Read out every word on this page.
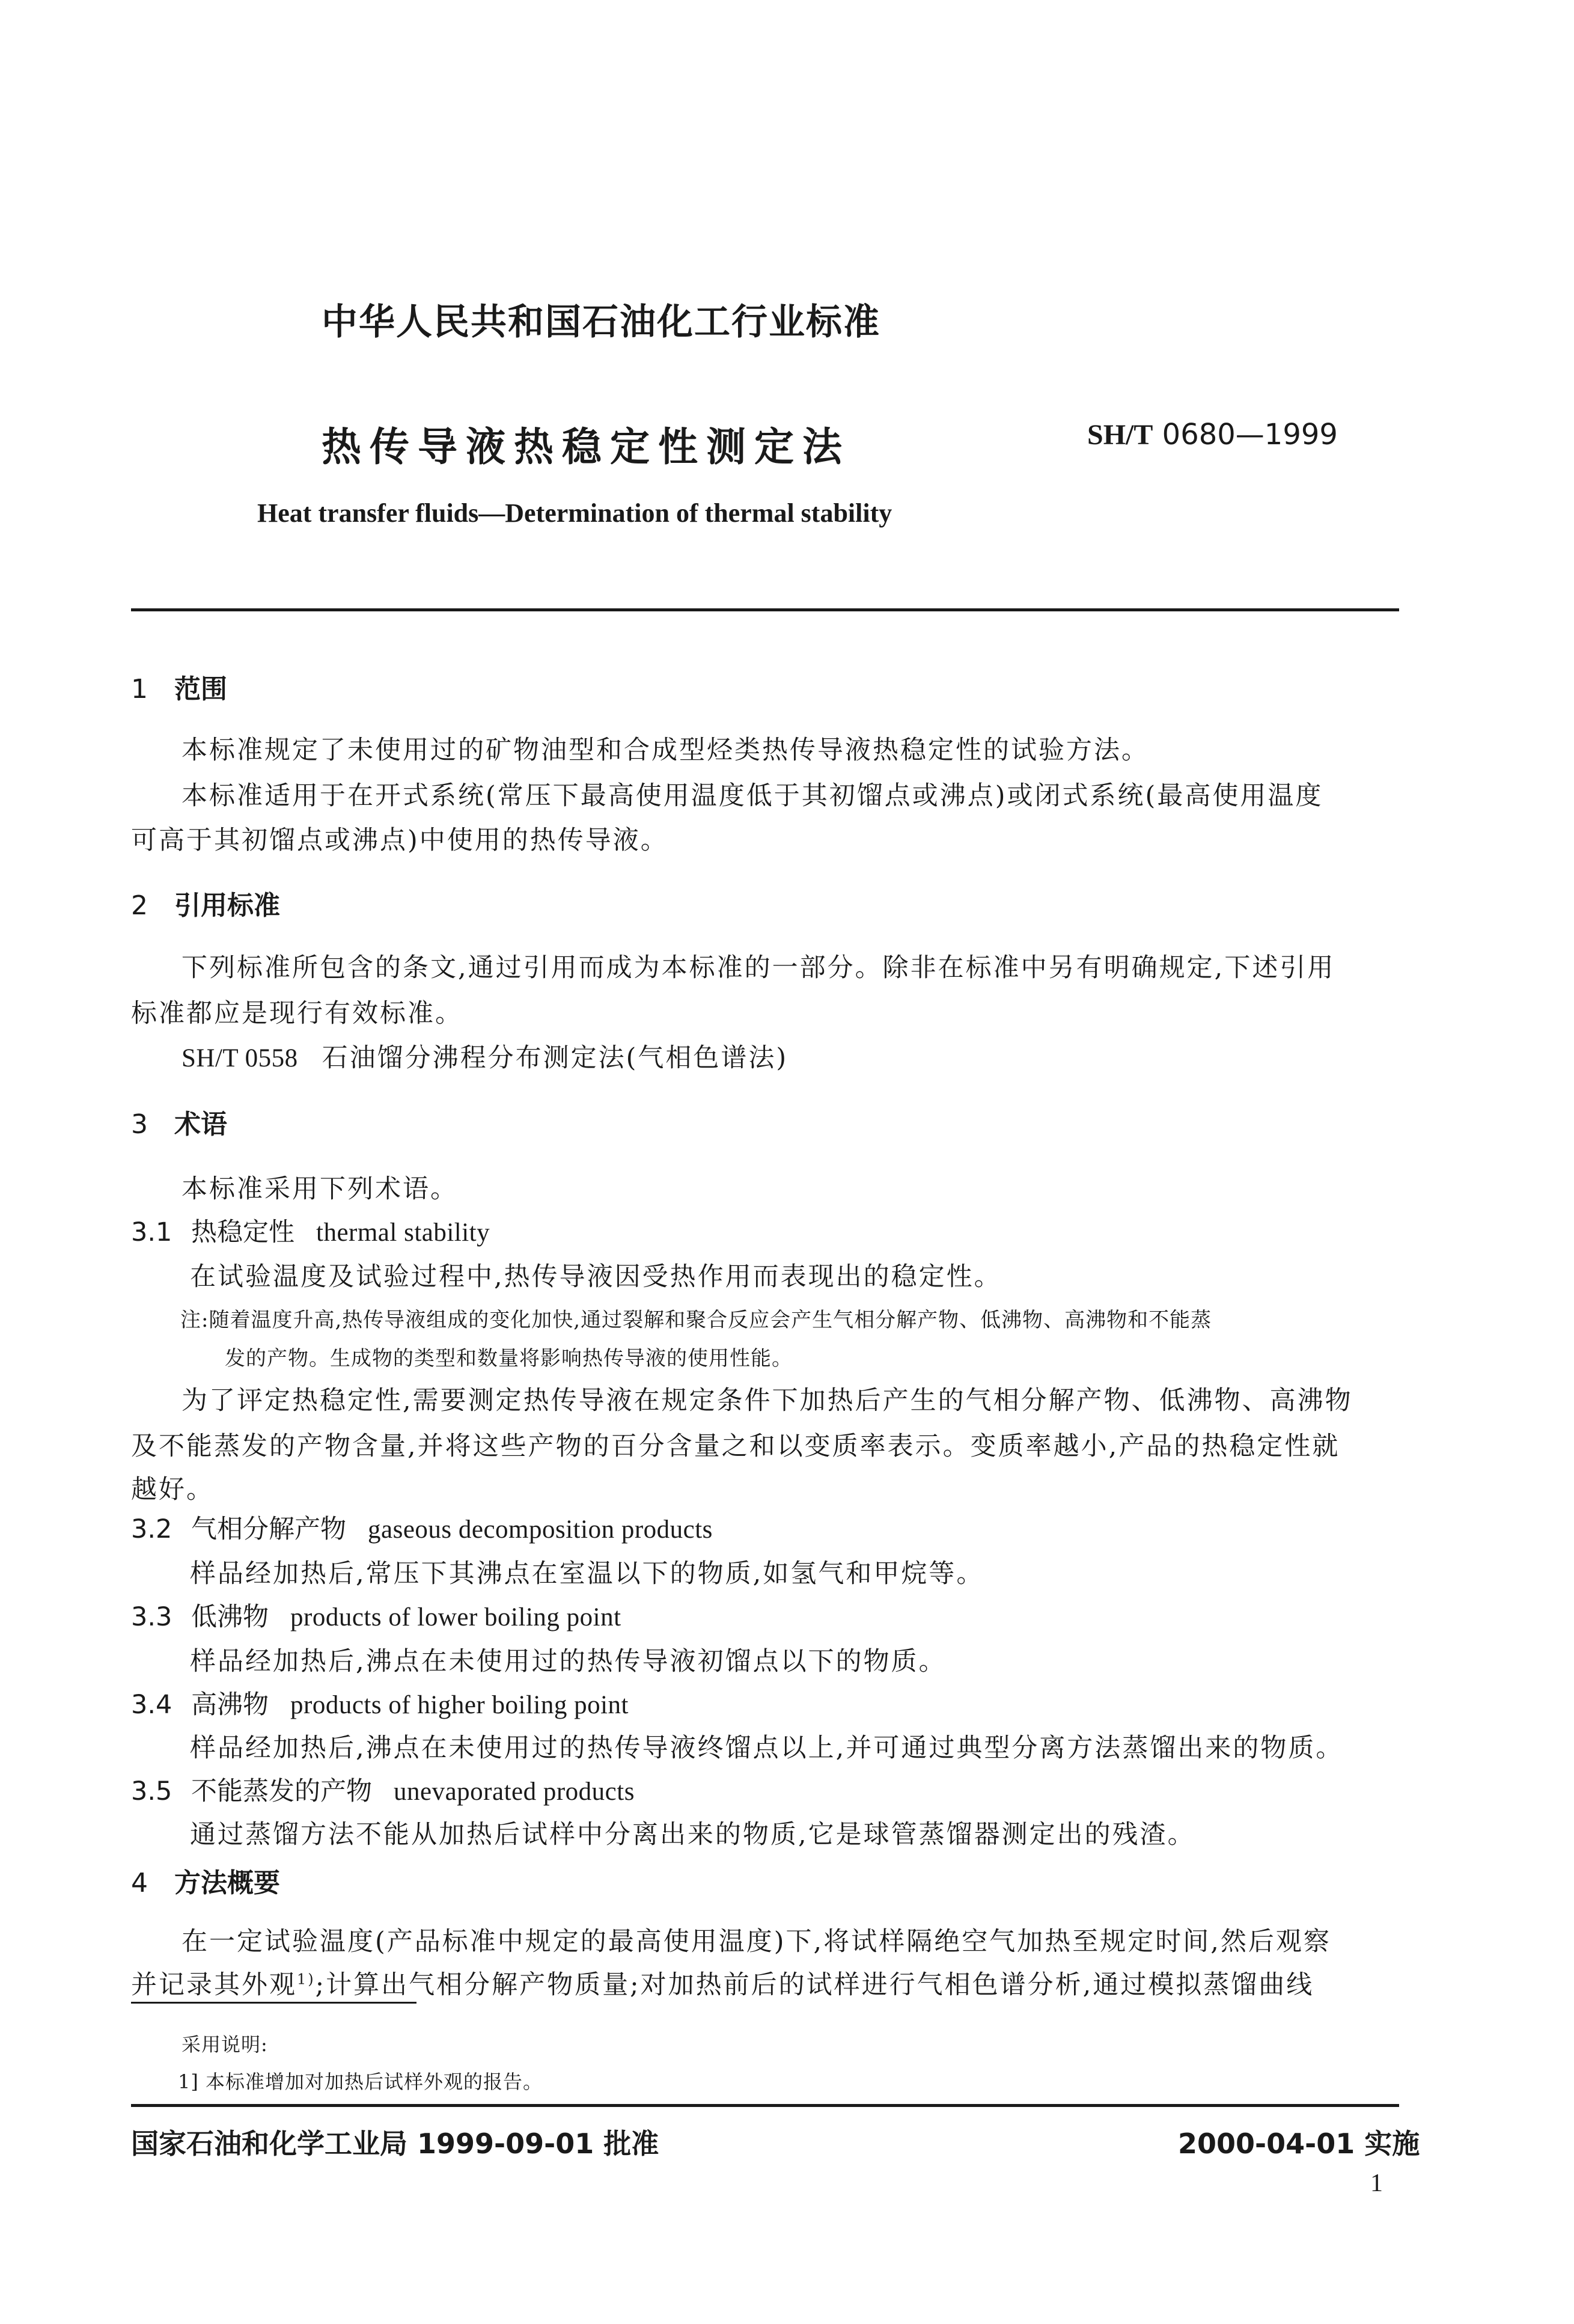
中华人民共和国石油化工行业标准
热传导液热稳定性测定法	SH/T 0680—1999
Heat transfer fluids—Determination of thermal stability
1 范围
本标准规定了未使用过的矿物油型和合成型烃类热传导液热稳定性的试验方法。
本标准适用于在开式系统(常压下最高使用温度低于其初馏点或沸点)或闭式系统(最高使用温度
可高于其初馏点或沸点)中使用的热传导液。
2 引用标准
下列标准所包含的条文,通过引用而成为本标准的一部分。除非在标准中另有明确规定,下述引用
标准都应是现行有效标准。
SH/T 0558 石油馏分沸程分布测定法(气相色谱法)
3 术语
本标准采用下列术语。
3.1 热稳定性 thermal stability
在试验温度及试验过程中,热传导液因受热作用而表现出的稳定性。
注:随着温度升高,热传导液组成的变化加快,通过裂解和聚合反应会产生气相分解产物、低沸物、高沸物和不能蒸
发的产物。生成物的类型和数量将影响热传导液的使用性能。
为了评定热稳定性,需要测定热传导液在规定条件下加热后产生的气相分解产物、低沸物、高沸物
及不能蒸发的产物含量,并将这些产物的百分含量之和以变质率表示。变质率越小,产品的热稳定性就
越好。
3.2 气相分解产物 gaseous decomposition products
样品经加热后,常压下其沸点在室温以下的物质,如氢气和甲烷等。
3.3 低沸物 products of lower boiling point
样品经加热后,沸点在未使用过的热传导液初馏点以下的物质。
3.4 高沸物 products of higher boiling point
样品经加热后,沸点在未使用过的热传导液终馏点以上,并可通过典型分离方法蒸馏出来的物质。
3.5 不能蒸发的产物 unevaporated products
通过蒸馏方法不能从加热后试样中分离出来的物质,它是球管蒸馏器测定出的残渣。
4 方法概要
在一定试验温度(产品标准中规定的最高使用温度)下,将试样隔绝空气加热至规定时间,然后观察
并记录其外观$^{1)}$;计算出气相分解产物质量;对加热前后的试样进行气相色谱分析,通过模拟蒸馏曲线
采用说明:
1] 本标准增加对加热后试样外观的报告。
国家石油和化学工业局 1999-09-01 批准	2000-04-01 实施
1
